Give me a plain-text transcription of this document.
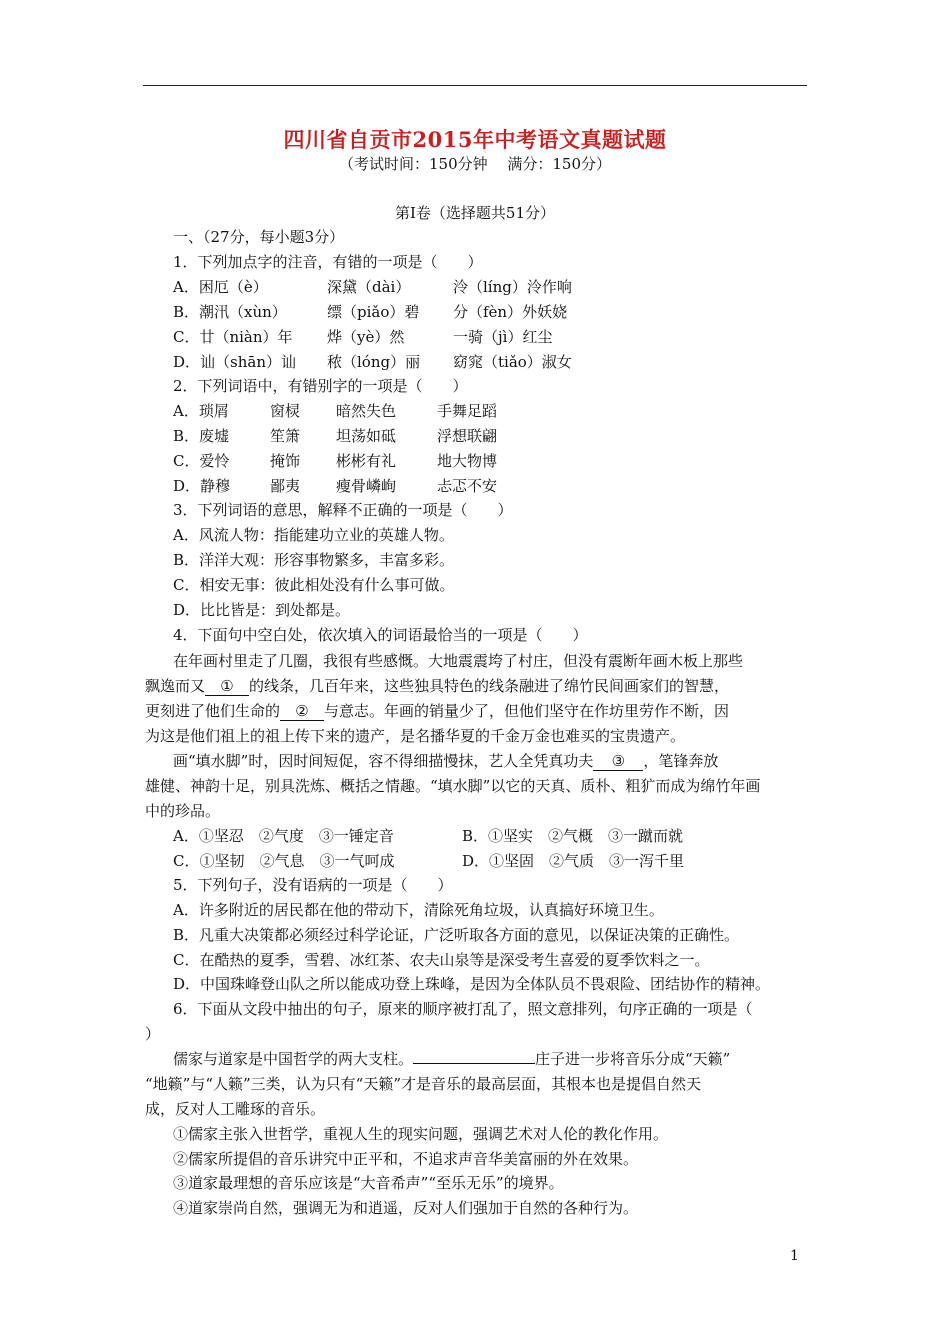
四川省自贡市2015年中考语文真题试题
（考试时间：150分钟　 满分：150分）
第Ⅰ卷（选择题共51分）
一、（27分，每小题3分）
1．下列加点字的注音，有错的一项是（　　）
A．困厄（è）	深黛（dài）	泠（líng）泠作响
B．潮汛（xùn）	缥（piǎo）碧 分（fèn）外妖娆
C．廿（niàn）年 烨（yè）然	一骑（jì）红尘
D．讪（shān）讪 秾（lóng）丽 窈窕（tiǎo）淑女
2．下列词语中，有错别字的一项是（　　）
A．琐屑	窗棂 暗然失色	手舞足蹈
B．废墟	笙箫 坦荡如砥	浮想联翩
C．爱怜	掩饰 彬彬有礼	地大物博
D．静穆	鄙夷 瘦骨嶙峋	忐忑不安
3．下列词语的意思，解释不正确的一项是（　　）
A．风流人物：指能建功立业的英雄人物。
B．洋洋大观：形容事物繁多，丰富多彩。
C．相安无事：彼此相处没有什么事可做。
D．比比皆是：到处都是。
4．下面句中空白处，依次填入的词语最恰当的一项是（　　）
在年画村里走了几圈，我很有些感慨。大地震震垮了村庄，但没有震断年画木板上那些
飘逸而又 ① 的线条，几百年来，这些独具特色的线条融进了绵竹民间画家们的智慧，
更刻进了他们生命的 ② 与意志。年画的销量少了，但他们坚守在作坊里劳作不断，因
为这是他们祖上的祖上传下来的遗产，是名播华夏的千金万金也难买的宝贵遗产。
画“填水脚”时，因时间短促，容不得细描慢抹，艺人全凭真功夫 ③ ，笔锋奔放
雄健、神韵十足，别具洗炼、概括之情趣。“填水脚”以它的天真、质朴、粗犷而成为绵竹年画
中的珍品。
A．①坚忍　②气度　③一锤定音	B．①坚实　②气概　③一蹴而就
C．①坚韧　②气息　③一气呵成	D．①坚固　②气质　③一泻千里
5．下列句子，没有语病的一项是（　　）
A．许多附近的居民都在他的带动下，清除死角垃圾，认真搞好环境卫生。
B．凡重大决策都必须经过科学论证，广泛听取各方面的意见，以保证决策的正确性。
C．在酷热的夏季，雪碧、冰红茶、农夫山泉等是深受考生喜爱的夏季饮料之一。
D．中国珠峰登山队之所以能成功登上珠峰，是因为全体队员不畏艰险、团结协作的精神。
6．下面从文段中抽出的句子，原来的顺序被打乱了，照文意排列，句序正确的一项是（
）
儒家与道家是中国哲学的两大支柱。	庄子进一步将音乐分成“天籁”
“地籁”与“人籁”三类，认为只有“天籁”才是音乐的最高层面，其根本也是提倡自然天
成，反对人工雕琢的音乐。
①儒家主张入世哲学，重视人生的现实问题，强调艺术对人伦的教化作用。
②儒家所提倡的音乐讲究中正平和，不追求声音华美富丽的外在效果。
③道家最理想的音乐应该是“大音希声”“至乐无乐”的境界。
④道家崇尚自然，强调无为和逍遥，反对人们强加于自然的各种行为。
1
